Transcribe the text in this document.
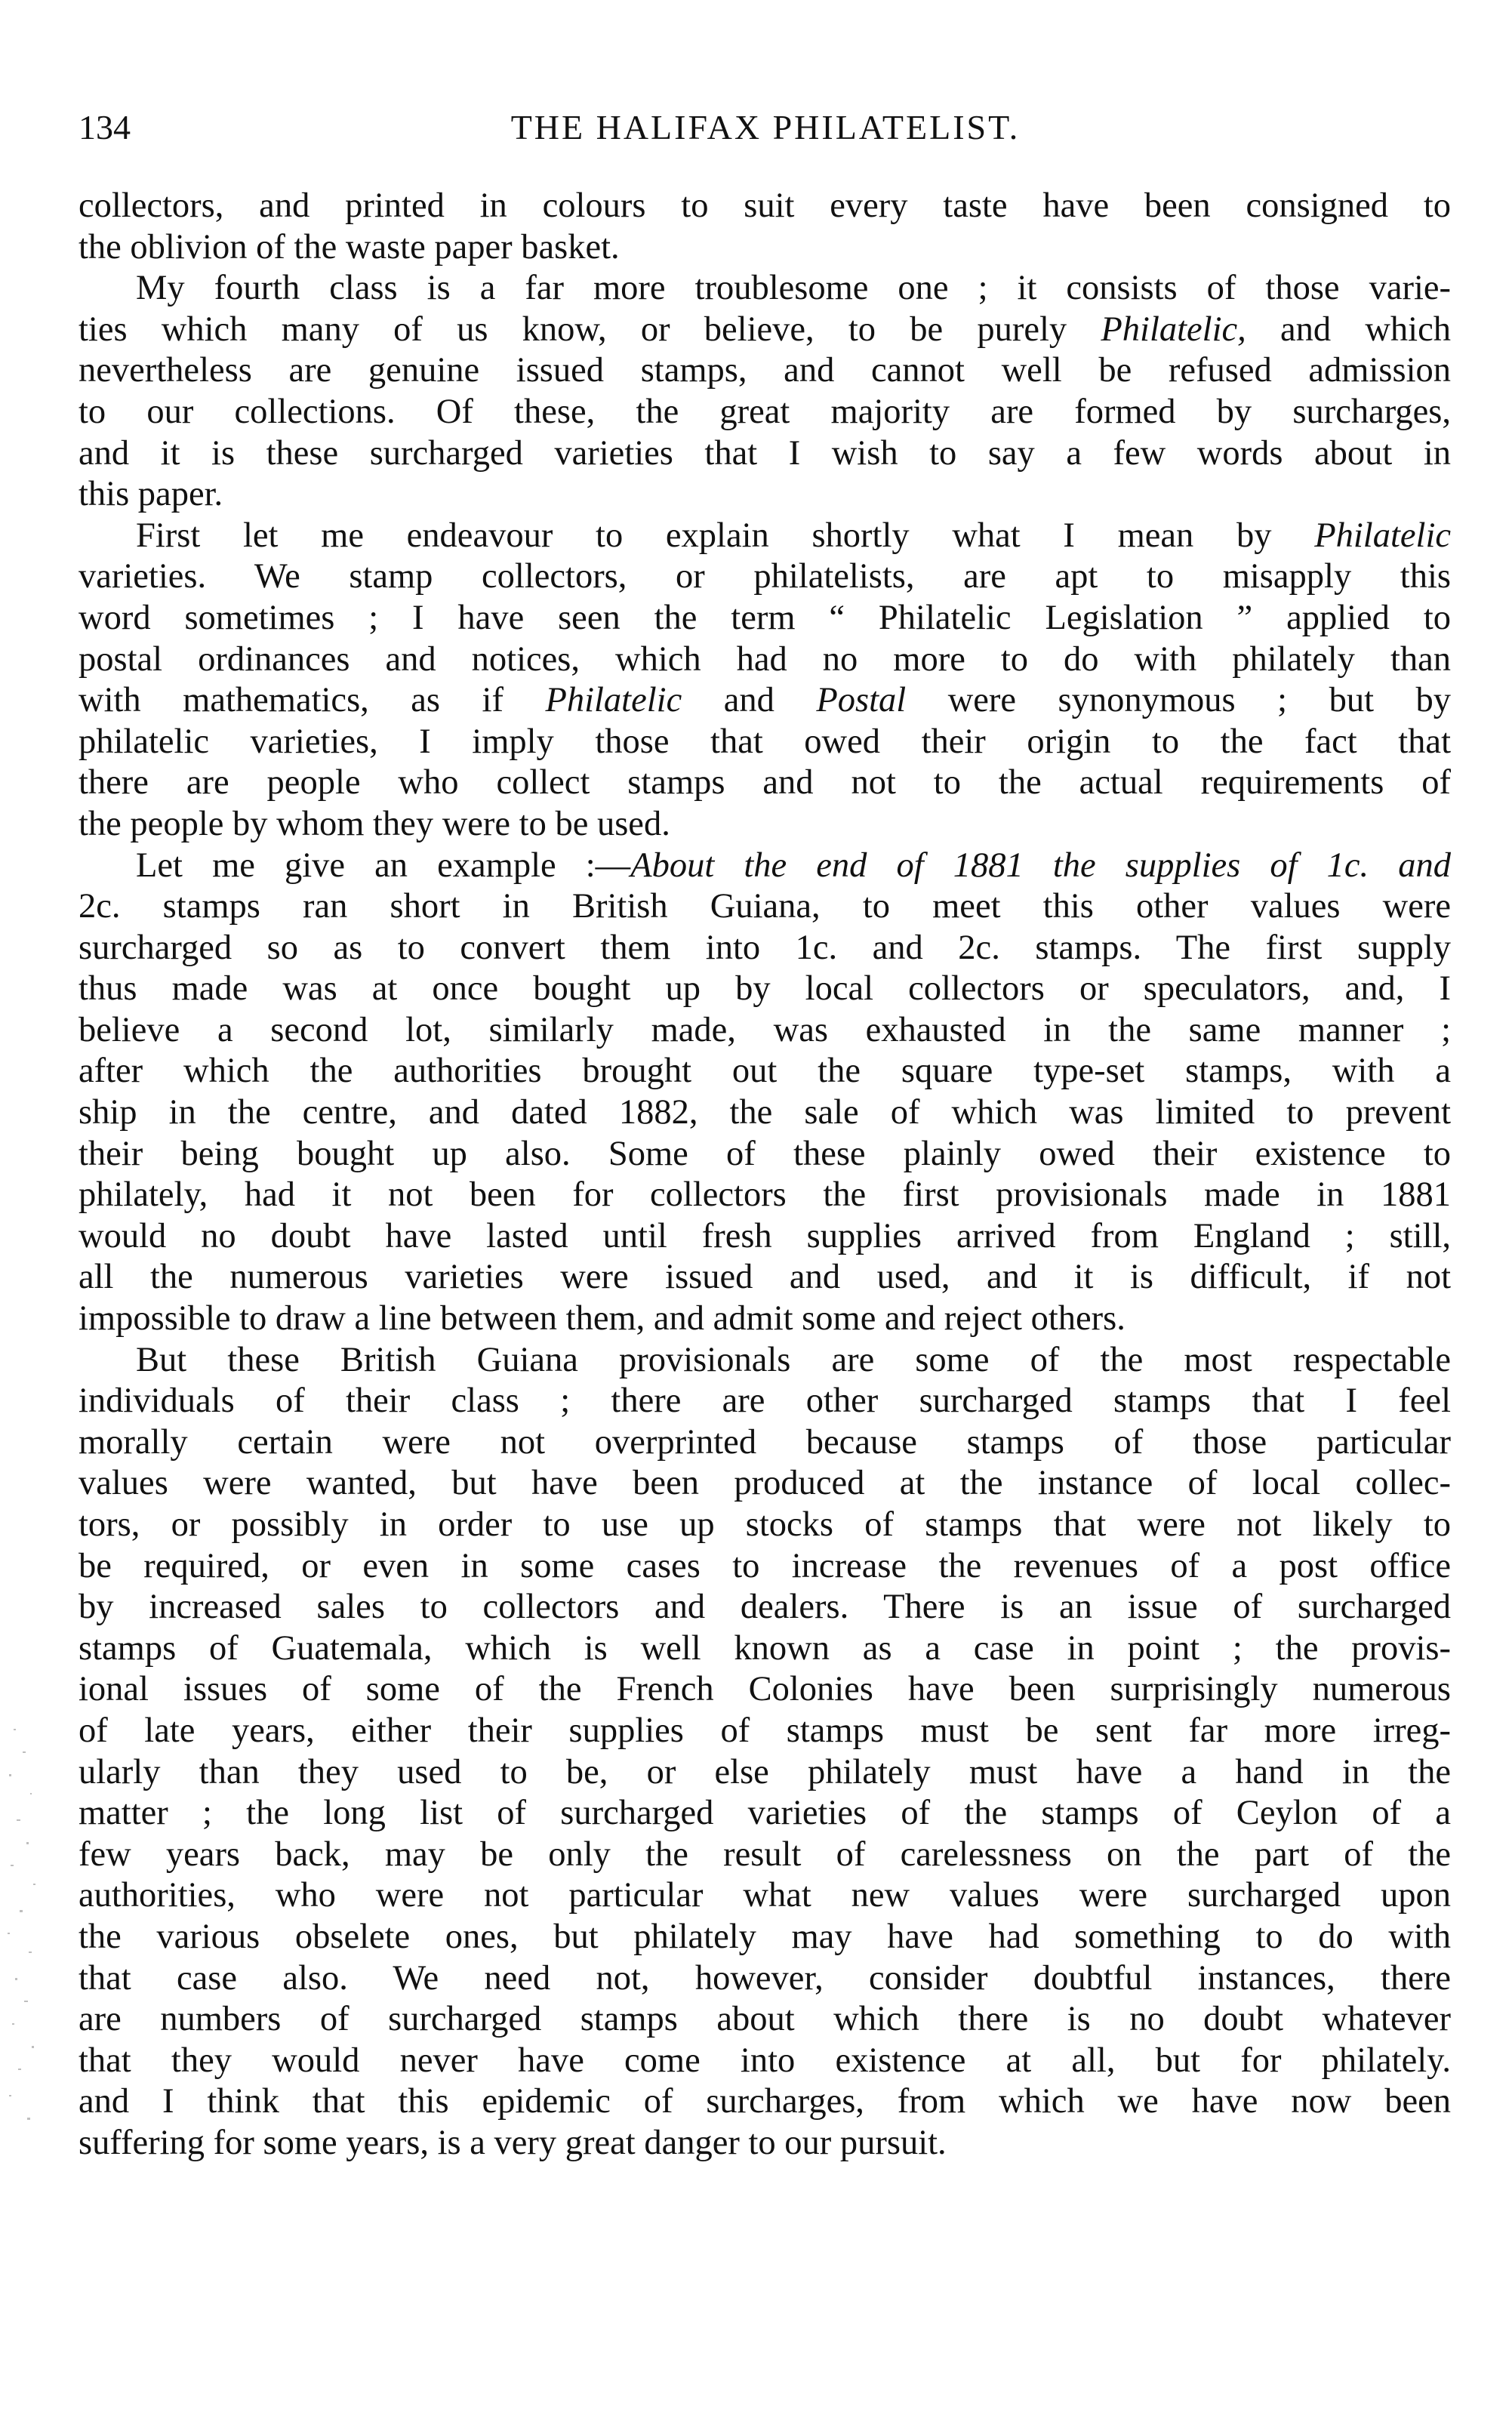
134	THE HALIFAX PHILATELIST.
collectors, and printed in colours to suit every taste have been consigned to
the oblivion of the waste paper basket.
My fourth class is a far more troublesome one ; it consists of those varie-
ties which many of us know, or believe, to be purely Philatelic, and which
nevertheless are genuine issued stamps, and cannot well be refused admission
to our collections. Of these, the great majority are formed by surcharges,
and it is these surcharged varieties that I wish to say a few words about in
this paper.
First let me endeavour to explain shortly what I mean by Philatelic
varieties. We stamp collectors, or philatelists, are apt to misapply this
word sometimes ; I have seen the term “ Philatelic Legislation ” applied to
postal ordinances and notices, which had no more to do with philately than
with mathematics, as if Philatelic and Postal were synonymous ; but by
philatelic varieties, I imply those that owed their origin to the fact that
there are people who collect stamps and not to the actual requirements of
the people by whom they were to be used.
Let me give an example :—About the end of 1881 the supplies of 1c. and
2c. stamps ran short in British Guiana, to meet this other values were
surcharged so as to convert them into 1c. and 2c. stamps. The first supply
thus made was at once bought up by local collectors or speculators, and, I
believe a second lot, similarly made, was exhausted in the same manner ;
after which the authorities brought out the square type-set stamps, with a
ship in the centre, and dated 1882, the sale of which was limited to prevent
their being bought up also. Some of these plainly owed their existence to
philately, had it not been for collectors the first provisionals made in 1881
would no doubt have lasted until fresh supplies arrived from England ; still,
all the numerous varieties were issued and used, and it is difficult, if not
impossible to draw a line between them, and admit some and reject others.
But these British Guiana provisionals are some of the most respectable
individuals of their class ; there are other surcharged stamps that I feel
morally certain were not overprinted because stamps of those particular
values were wanted, but have been produced at the instance of local collec-
tors, or possibly in order to use up stocks of stamps that were not likely to
be required, or even in some cases to increase the revenues of a post office
by increased sales to collectors and dealers. There is an issue of surcharged
stamps of Guatemala, which is well known as a case in point ; the provis-
ional issues of some of the French Colonies have been surprisingly numerous
of late years, either their supplies of stamps must be sent far more irreg-
ularly than they used to be, or else philately must have a hand in the
matter ; the long list of surcharged varieties of the stamps of Ceylon of a
few years back, may be only the result of carelessness on the part of the
authorities, who were not particular what new values were surcharged upon
the various obselete ones, but philately may have had something to do with
that case also. We need not, however, consider doubtful instances, there
are numbers of surcharged stamps about which there is no doubt whatever
that they would never have come into existence at all, but for philately.
and I think that this epidemic of surcharges, from which we have now been
suffering for some years, is a very great danger to our pursuit.
